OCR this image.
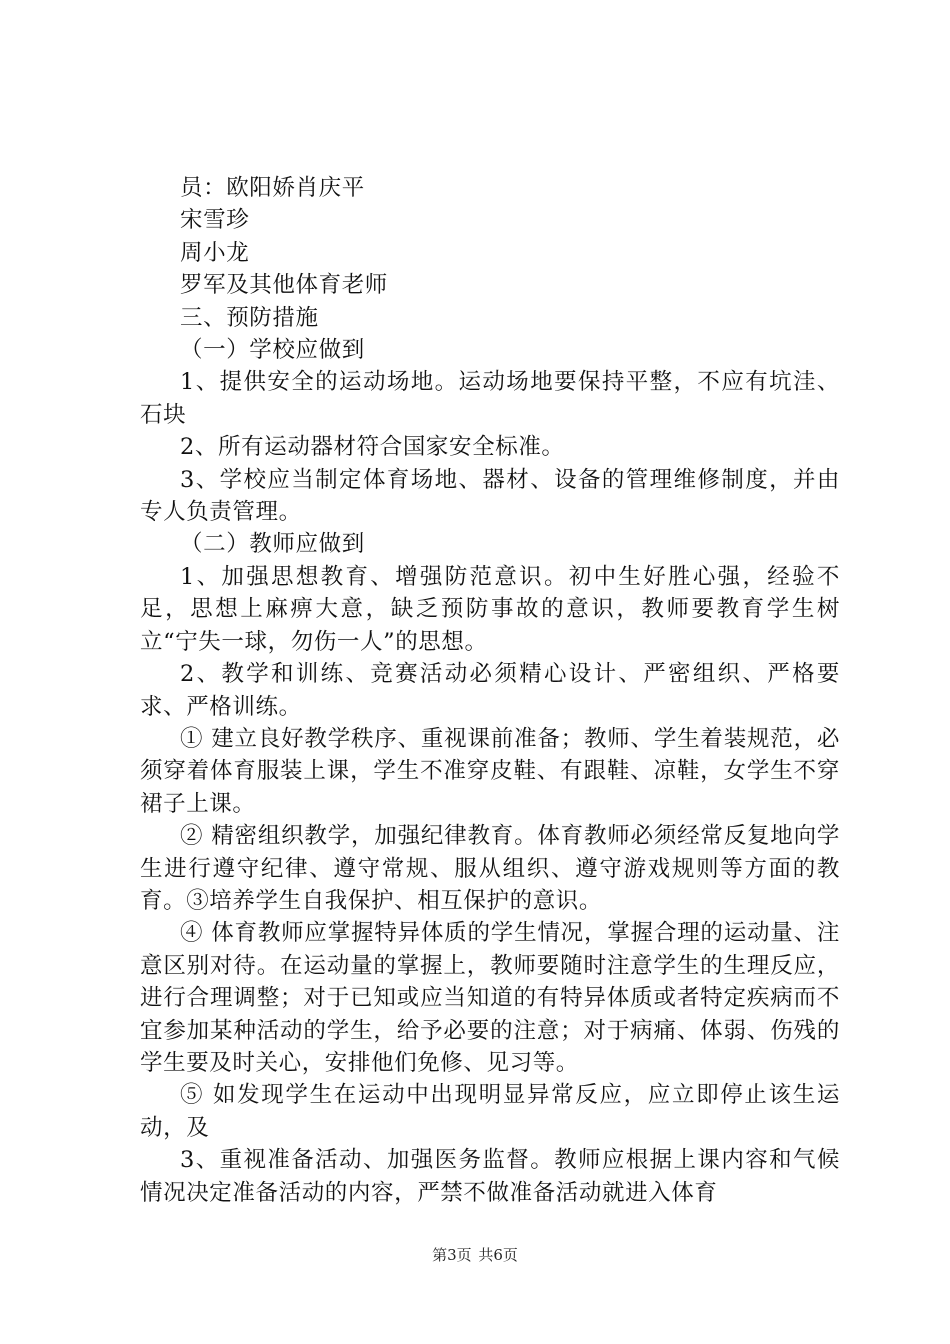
员：欧阳娇肖庆平

宋雪珍

周小龙

罗军及其他体育老师

三、预防措施

（一）学校应做到

1、提供安全的运动场地。运动场地要保持平整，不应有坑洼、石块

2、所有运动器材符合国家安全标准。

3、学校应当制定体育场地、器材、设备的管理维修制度，并由专人负责管理。

（二）教师应做到

1、加强思想教育、增强防范意识。初中生好胜心强，经验不足，思想上麻痹大意，缺乏预防事故的意识，教师要教育学生树立“宁失一球，勿伤一人”的思想。

2、教学和训练、竞赛活动必须精心设计、严密组织、严格要求、严格训练。

① 建立良好教学秩序、重视课前准备；教师、学生着装规范，必须穿着体育服装上课，学生不准穿皮鞋、有跟鞋、凉鞋，女学生不穿裙子上课。

② 精密组织教学，加强纪律教育。体育教师必须经常反复地向学生进行遵守纪律、遵守常规、服从组织、遵守游戏规则等方面的教育。③培养学生自我保护、相互保护的意识。

④ 体育教师应掌握特异体质的学生情况，掌握合理的运动量、注意区别对待。在运动量的掌握上，教师要随时注意学生的生理反应，进行合理调整；对于已知或应当知道的有特异体质或者特定疾病而不宜参加某种活动的学生，给予必要的注意；对于病痛、体弱、伤残的学生要及时关心，安排他们免修、见习等。

⑤ 如发现学生在运动中出现明显异常反应，应立即停止该生运动，及

3、重视准备活动、加强医务监督。教师应根据上课内容和气候情况决定准备活动的内容，严禁不做准备活动就进入体育

第3页 共6页
